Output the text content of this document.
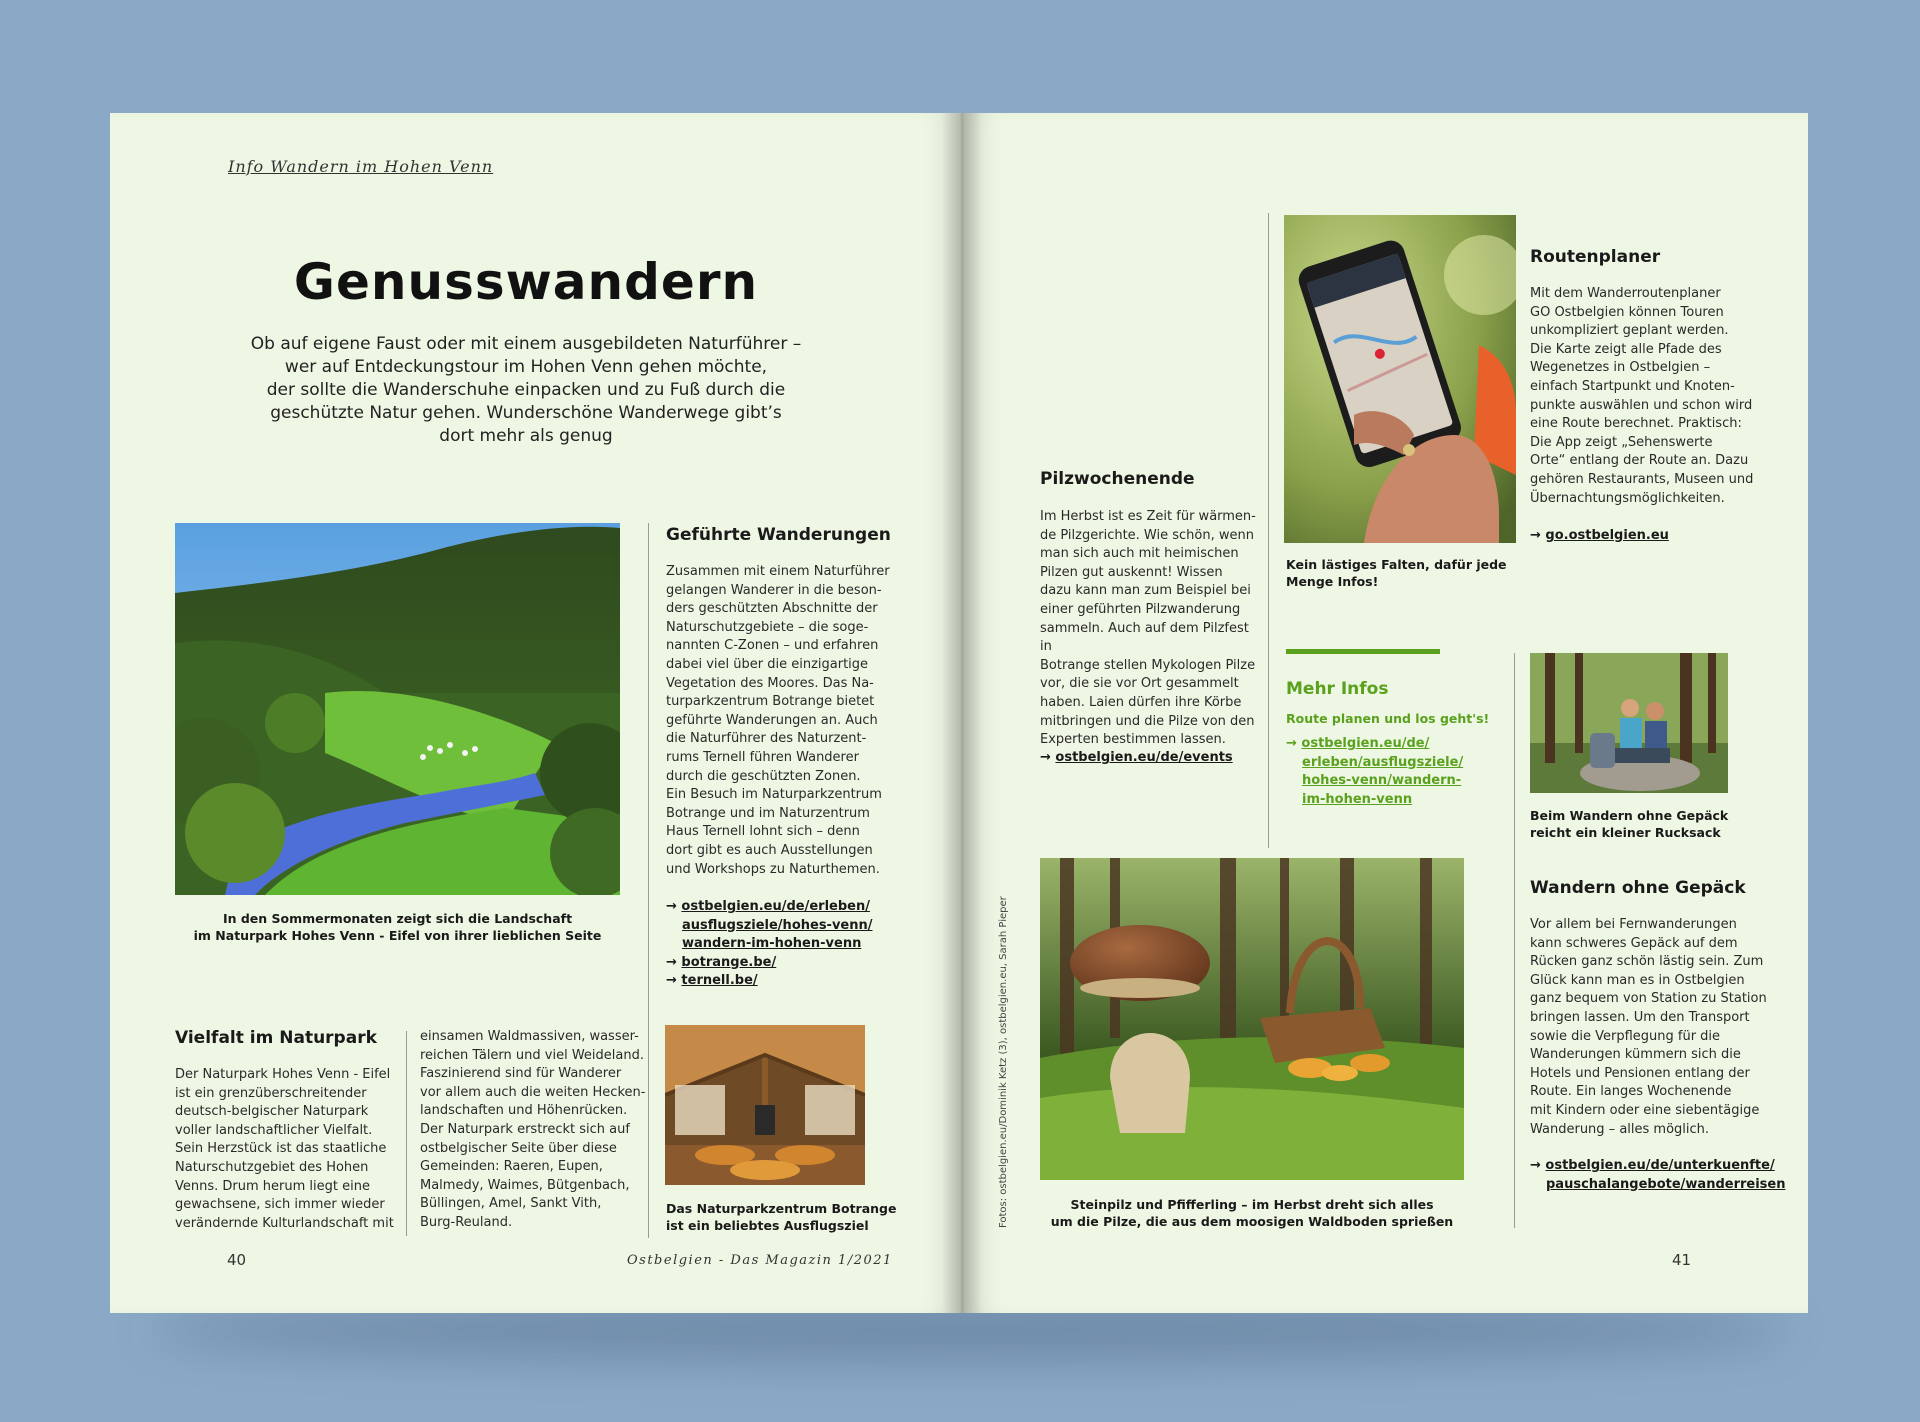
Info Wandern im Hohen Venn
Genusswandern
Ob auf eigene Faust oder mit einem ausgebildeten Naturführer –
wer auf Entdeckungstour im Hohen Venn gehen möchte,
der sollte die Wanderschuhe einpacken und zu Fuß durch die
geschützte Natur gehen. Wunderschöne Wanderwege gibt’s
dort mehr als genug
In den Sommermonaten zeigt sich die Landschaft
im Naturpark Hohes Venn - Eifel von ihrer lieblichen Seite
Geführte Wanderungen
Zusammen mit einem Naturführer
gelangen Wanderer in die beson-
ders geschützten Abschnitte der
Naturschutzgebiete – die soge-
nannten C-Zonen – und erfahren
dabei viel über die einzigartige
Vegetation des Moores. Das Na-
turparkzentrum Botrange bietet
geführte Wanderungen an. Auch
die Naturführer des Naturzent-
rums Ternell führen Wanderer
durch die geschützten Zonen.
Ein Besuch im Naturparkzentrum
Botrange und im Naturzentrum
Haus Ternell lohnt sich – denn
dort gibt es auch Ausstellungen
und Workshops zu Naturthemen.
→ ostbelgien.eu/de/erleben/
ausflugsziele/hohes-venn/
wandern-im-hohen-venn
→ botrange.be/
→ ternell.be/
Das Naturparkzentrum Botrange
ist ein beliebtes Ausflugsziel
Vielfalt im Naturpark
Der Naturpark Hohes Venn - Eifel
ist ein grenzüberschreitender
deutsch-belgischer Naturpark
voller landschaftlicher Vielfalt.
Sein Herzstück ist das staatliche
Naturschutzgebiet des Hohen
Venns. Drum herum liegt eine
gewachsene, sich immer wieder
verändernde Kulturlandschaft mit
einsamen Waldmassiven, wasser-
reichen Tälern und viel Weideland.
Faszinierend sind für Wanderer
vor allem auch die weiten Hecken-
landschaften und Höhenrücken.
Der Naturpark erstreckt sich auf
ostbelgischer Seite über diese
Gemeinden: Raeren, Eupen,
Malmedy, Waimes, Bütgenbach,
Büllingen, Amel, Sankt Vith,
Burg-Reuland.
40	Ostbelgien - Das Magazin 1/2021
Kein lästiges Falten, dafür jede
Menge Infos!
Routenplaner
Mit dem Wanderroutenplaner
GO Ostbelgien können Touren
unkompliziert geplant werden.
Die Karte zeigt alle Pfade des
Wegenetzes in Ostbelgien –
einfach Startpunkt und Knoten-
punkte auswählen und schon wird
eine Route berechnet. Praktisch:
Die App zeigt „Sehenswerte
Orte“ entlang der Route an. Dazu
gehören Restaurants, Museen und
Übernachtungsmöglichkeiten.
→ go.ostbelgien.eu
Pilzwochenende
Im Herbst ist es Zeit für wärmen-
de Pilzgerichte. Wie schön, wenn
man sich auch mit heimischen
Pilzen gut auskennt! Wissen
dazu kann man zum Beispiel bei
einer geführten Pilzwanderung
sammeln. Auch auf dem Pilzfest in
Botrange stellen Mykologen Pilze
vor, die sie vor Ort gesammelt
haben. Laien dürfen ihre Körbe
mitbringen und die Pilze von den
Experten bestimmen lassen.
→ ostbelgien.eu/de/events
Mehr Infos
Route planen und los geht's!
→ ostbelgien.eu/de/
erleben/ausflugsziele/
hohes-venn/wandern-
im-hohen-venn
Beim Wandern ohne Gepäck
reicht ein kleiner Rucksack
Wandern ohne Gepäck
Vor allem bei Fernwanderungen
kann schweres Gepäck auf dem
Rücken ganz schön lästig sein. Zum
Glück kann man es in Ostbelgien
ganz bequem von Station zu Station
bringen lassen. Um den Transport
sowie die Verpflegung für die
Wanderungen kümmern sich die
Hotels und Pensionen entlang der
Route. Ein langes Wochenende
mit Kindern oder eine siebentägige
Wanderung – alles möglich.
→ ostbelgien.eu/de/unterkuenfte/
pauschalangebote/wanderreisen
Steinpilz und Pfifferling – im Herbst dreht sich alles
um die Pilze, die aus dem moosigen Waldboden sprießen
Fotos: ostbelgien.eu/Dominik Ketz (3), ostbelgien.eu, Sarah Pieper
41
